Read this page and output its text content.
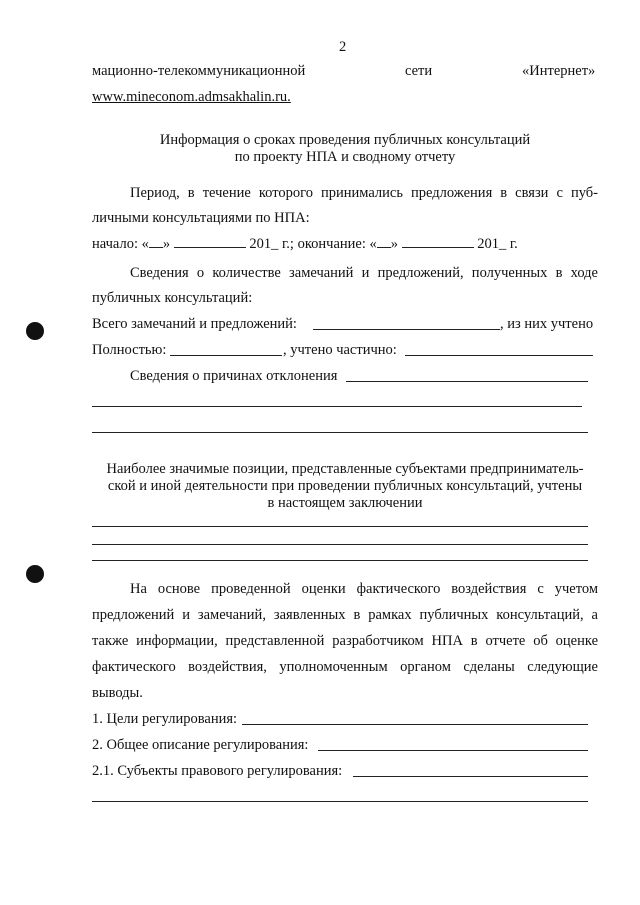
2
мационно-телекоммуникационной	сети	«Интернет»
www.mineconom.admsakhalin.ru.
Информация о сроках проведения публичных консультаций
по проекту НПА и сводному отчету
Период, в течение которого принимались предложения в связи с пуб-
личными консультациями по НПА:
начало: « »	201_ г.; окончание: « »	201_ г.
Сведения о количестве замечаний и предложений, полученных в ходе
публичных консультаций:
Всего замечаний и предложений:	, из них учтено
Полностью:	, учтено частично:
Сведения о причинах отклонения
Наиболее значимые позиции, представленные субъектами предприниматель-
ской и иной деятельности при проведении публичных консультаций, учтены
в настоящем заключении
На основе проведенной оценки фактического воздействия с учетом
предложений и замечаний, заявленных в рамках публичных консультаций, а
также информации, представленной разработчиком НПА в отчете об оценке
фактического воздействия, уполномоченным органом сделаны следующие
выводы.
1. Цели регулирования:
2. Общее описание регулирования:
2.1. Субъекты правового регулирования:
